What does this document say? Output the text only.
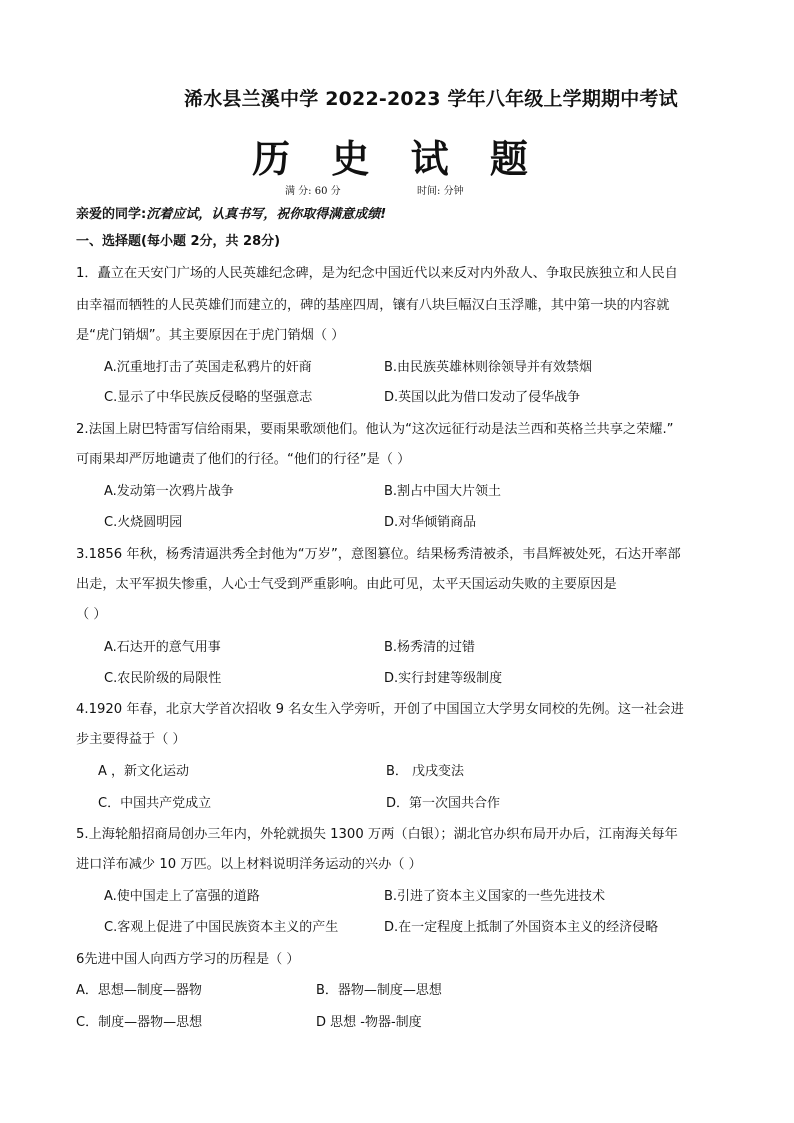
浠水县兰溪中学 2022-2023 学年八年级上学期期中考试
历 史 试 题
满 分: 60 分	时间: 分钟
亲爱的同学:沉着应试，认真书写，祝你取得满意成绩!
一、选择题(每小题 2分，共 28分)
1．矗立在天安门广场的人民英雄纪念碑，是为纪念中国近代以来反对内外敌人、争取民族独立和人民自
由幸福而牺牲的人民英雄们而建立的，碑的基座四周，镶有八块巨幅汉白玉浮雕，其中第一块的内容就
是“虎门销烟”。其主要原因在于虎门销烟（ ）
A.沉重地打击了英国走私鸦片的奸商	B.由民族英雄林则徐领导并有效禁烟
C.显示了中华民族反侵略的坚强意志	D.英国以此为借口发动了侵华战争
2.法国上尉巴特雷写信给雨果，要雨果歌颂他们。他认为“这次远征行动是法兰西和英格兰共享之荣耀.”
可雨果却严厉地谴责了他们的行径。“他们的行径”是（ ）
A.发动第一次鸦片战争	B.割占中国大片领土
C.火烧圆明园	D.对华倾销商品
3.1856 年秋，杨秀清逼洪秀全封他为“万岁”，意图篡位。结果杨秀清被杀，韦昌辉被处死，石达开率部
出走，太平军损失惨重，人心士气受到严重影响。由此可见，太平天国运动失败的主要原因是
（ ）
A.石达开的意气用事	B.杨秀清的过错
C.农民阶级的局限性	D.实行封建等级制度
4.1920 年春，北京大学首次招收 9 名女生入学旁听，开创了中国国立大学男女同校的先例。这一社会进
步主要得益于（ ）
A ，新文化运动	B． 戊戌变法
C．中国共产党成立	D．第一次国共合作
5.上海轮船招商局创办三年内，外轮就损失 1300 万两（白银）；湖北官办织布局开办后，江南海关每年
进口洋布减少 10 万匹。以上材料说明洋务运动的兴办（ ）
A.使中国走上了富强的道路	B.引进了资本主义国家的一些先进技术
C.客观上促进了中国民族资本主义的产生	D.在一定程度上抵制了外国资本主义的经济侵略
6先进中国人向西方学习的历程是（ ）
A．思想—制度—器物	B．器物—制度—思想
C．制度—器物—思想	D 思想 -物器-制度
